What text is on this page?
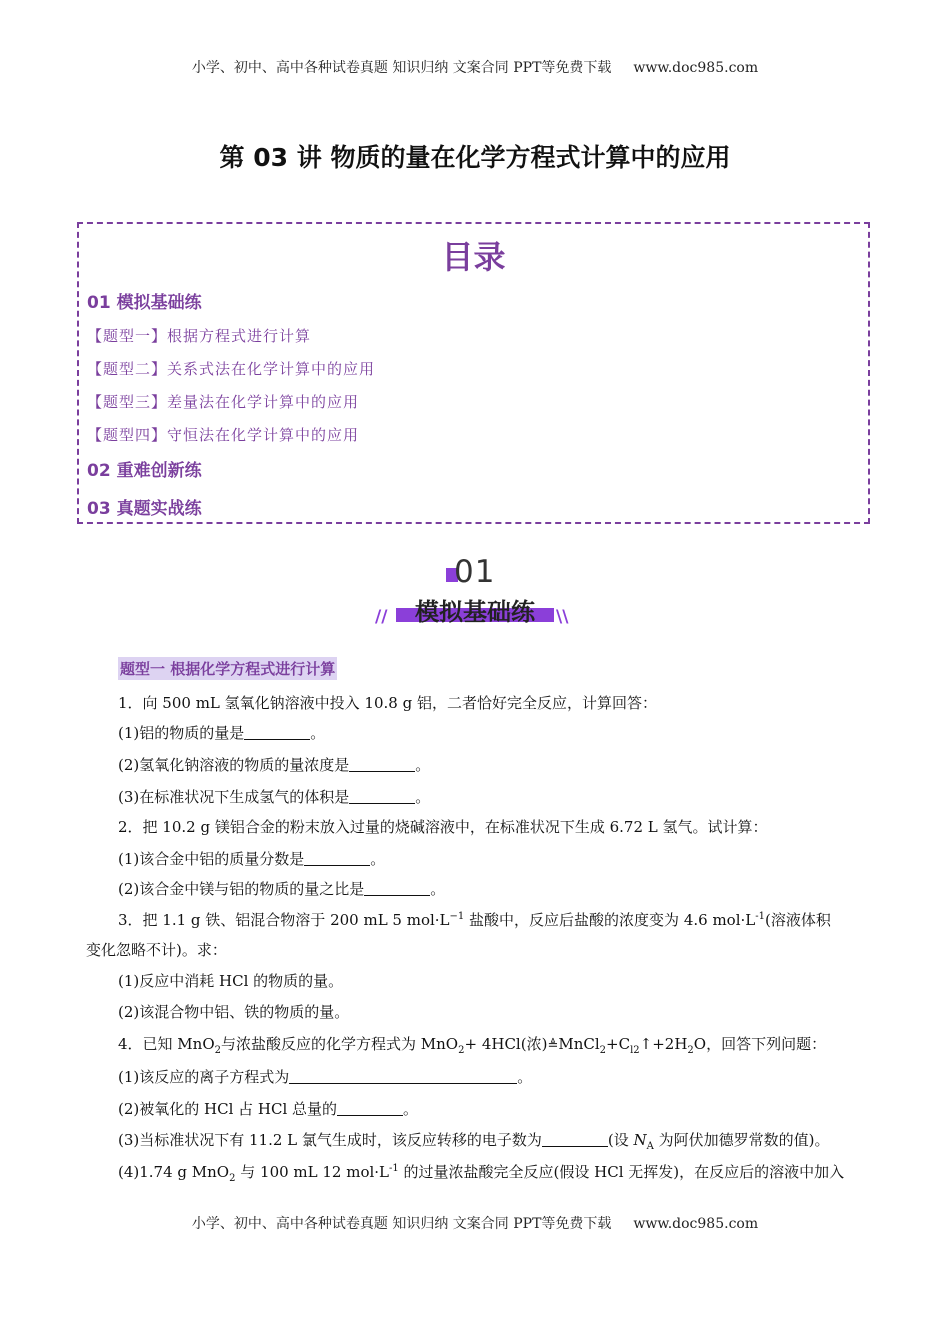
小学、初中、高中各种试卷真题 知识归纳 文案合同 PPT等免费下载 www.doc985.com
第 03 讲 物质的量在化学方程式计算中的应用
目录
01 模拟基础练
【题型一】根据方程式进行计算
【题型二】关系式法在化学计算中的应用
【题型三】差量法在化学计算中的应用
【题型四】守恒法在化学计算中的应用
02 重难创新练
03 真题实战练
01
模拟基础练
//	\\
题型一 根据化学方程式进行计算
1．向 500 mL 氢氧化钠溶液中投入 10.8 g 铝，二者恰好完全反应，计算回答：
(1)铝的物质的量是	。
(2)氢氧化钠溶液的物质的量浓度是	。
(3)在标准状况下生成氢气的体积是	。
2．把 10.2 g 镁铝合金的粉末放入过量的烧碱溶液中，在标准状况下生成 6.72 L 氢气。试计算：
(1)该合金中铝的质量分数是	。
(2)该合金中镁与铝的物质的量之比是	。
3．把 1.1 g 铁、铝混合物溶于 200 mL 5 $mol\cdot L^{-1}$ 盐酸中，反应后盐酸的浓度变为 4.6 $mol\cdot L^{-1}$(溶液体积
变化忽略不计)。求：
(1)反应中消耗 HCl 的物质的量。
(2)该混合物中铝、铁的物质的量。
4．已知 MnO$_2$与浓盐酸反应的化学方程式为 MnO$_2$+ 4HCl(浓)$≜MnCl_2+C_{l2}↑+2H_2O$，回答下列问题：
(1)该反应的离子方程式为	。
(2)被氧化的 HCl 占 HCl 总量的	。
(3)当标准状况下有 11.2 L 氯气生成时，该反应转移的电子数为	(设 $N_A$ 为阿伏加德罗常数的值)。
(4)1.74 g MnO$_2$ 与 100 mL 12 $mol\cdot L^{-1}$ 的过量浓盐酸完全反应(假设 HCl 无挥发)，在反应后的溶液中加入
小学、初中、高中各种试卷真题 知识归纳 文案合同 PPT等免费下载 www.doc985.com
